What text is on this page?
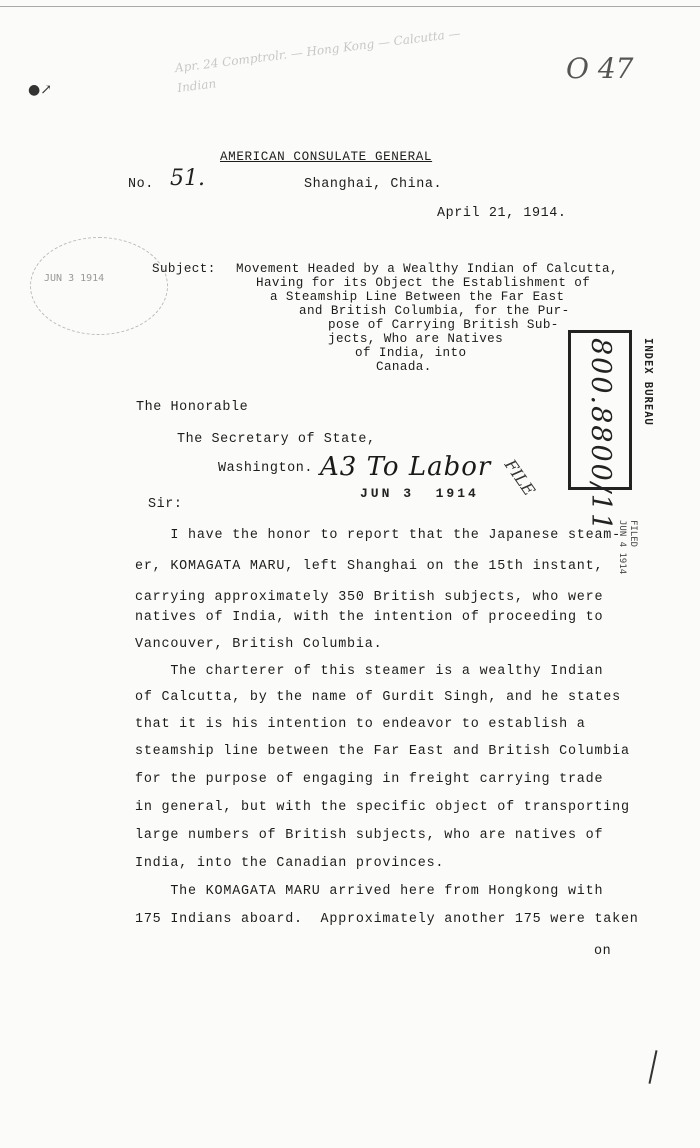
Apr. 24 Comptrolr. — Hong Kong — Calcutta — Indian
O 47
●↗
AMERICAN CONSULATE GENERAL
No. 51.	Shanghai, China.
April 21, 1914.
JUN 3 1914
Subject: Movement Headed by a Wealthy Indian of Calcutta,
Having for its Object the Establishment of
a Steamship Line Between the Far East
and British Columbia, for the Pur-
pose of Carrying British Sub-
jects, Who are Natives
of India, into
Canada.	800.8800/11	INDEX BUREAU
The Honorable
The Secretary of State,
Washington. A3 To Labor FILE
JUN 3  1914
FILED
JUN 4 1914
Sir:
I have the honor to report that the Japanese steam-
er, KOMAGATA MARU, left Shanghai on the 15th instant,
carrying approximately 350 British subjects, who were
natives of India, with the intention of proceeding to
Vancouver, British Columbia.
The charterer of this steamer is a wealthy Indian
of Calcutta, by the name of Gurdit Singh, and he states
that it is his intention to endeavor to establish a
steamship line between the Far East and British Columbia
for the purpose of engaging in freight carrying trade
in general, but with the specific object of transporting
large numbers of British subjects, who are natives of
India, into the Canadian provinces.
The KOMAGATA MARU arrived here from Hongkong with
175 Indians aboard.  Approximately another 175 were taken
on
